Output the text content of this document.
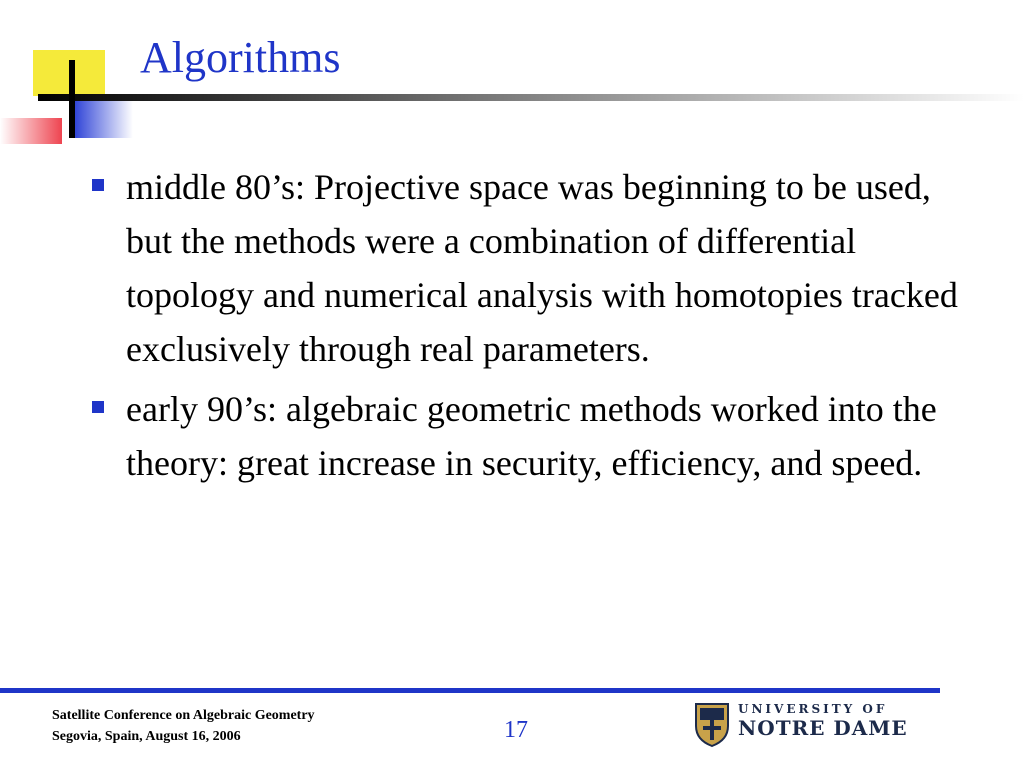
Algorithms
middle 80’s: Projective space was beginning to be used, but the methods were a combination of differential topology and numerical analysis with homotopies tracked exclusively through real parameters.
early 90’s: algebraic geometric methods worked into the theory: great increase in security, efficiency, and speed.
Satellite Conference on Algebraic Geometry
Segovia, Spain, August 16, 2006	17
UNIVERSITY OF
NOTRE DAME
